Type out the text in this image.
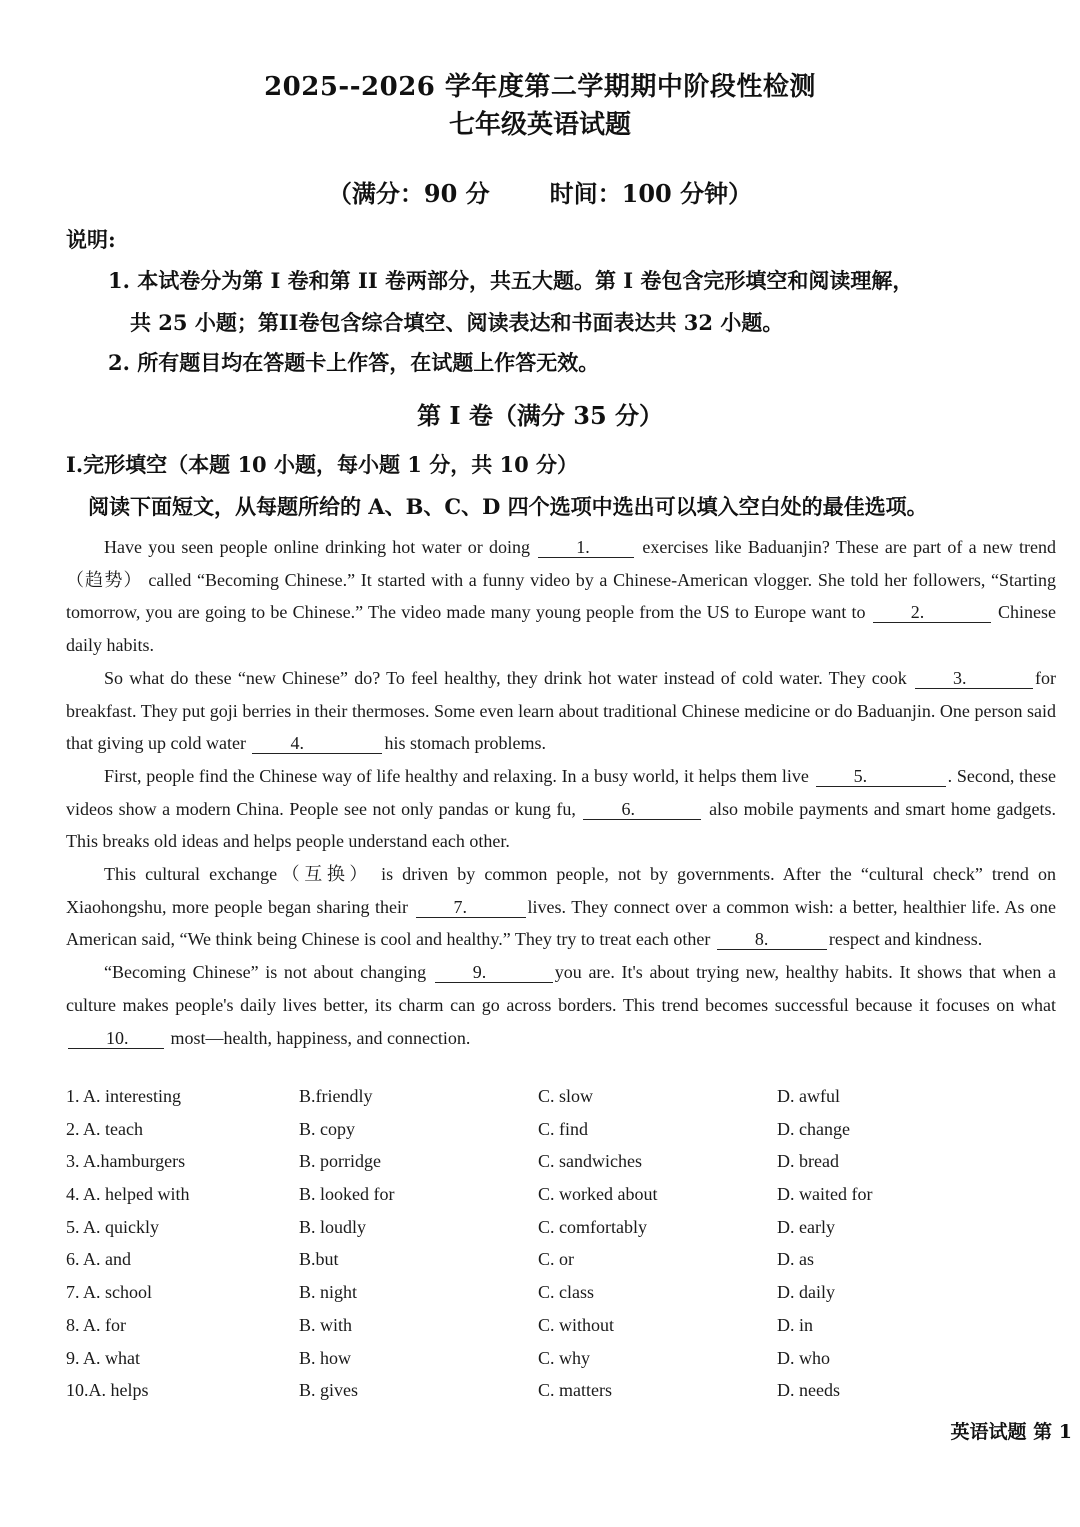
2025--2026 学年度第二学期期中阶段性检测
七年级英语试题
（满分：90 分	时间：100 分钟）
说明:
1. 本试卷分为第 I 卷和第 II 卷两部分，共五大题。第 I 卷包含完形填空和阅读理解，
共 25 小题；第II卷包含综合填空、阅读表达和书面表达共 32 小题。
2. 所有题目均在答题卡上作答，在试题上作答无效。
第 I 卷（满分 35 分）
I.完形填空（本题 10 小题，每小题 1 分，共 10 分）
阅读下面短文，从每题所给的 A、B、C、D 四个选项中选出可以填入空白处的最佳选项。

Have you seen people online drinking hot water or doing 1.	exercises like Baduanjin? These are part of a new trend（趋势） called “Becoming Chinese.” It started with a funny video by a Chinese-American vlogger. She told her followers, “Starting tomorrow, you are going to be Chinese.” The video made many young people from the US to Europe want to 2.	Chinese daily habits.

So what do these “new Chinese” do? To feel healthy, they drink hot water instead of cold water. They cook 3.	for breakfast. They put goji berries in their thermoses. Some even learn about traditional Chinese medicine or do Baduanjin. One person said that giving up cold water 4.	his stomach problems.

First, people find the Chinese way of life healthy and relaxing. In a busy world, it helps them live 5.	. Second, these videos show a modern China. People see not only pandas or kung fu, 6.	also mobile payments and smart home gadgets. This breaks old ideas and helps people understand each other.

This cultural exchange（互换） is driven by common people, not by governments. After the “cultural check” trend on Xiaohongshu, more people began sharing their 7.	lives. They connect over a common wish: a better, healthier life. As one American said, “We think being Chinese is cool and healthy.” They try to treat each other 8.	respect and kindness.

“Becoming Chinese” is not about changing 9.	you are. It's about trying new, healthy habits. It shows that when a culture makes people's daily lives better, its charm can go across borders. This trend becomes successful because it focuses on what 10. most—health, happiness, and connection.

1. A. interesting	B.friendly	C. slow	D. awful
2. A. teach	B. copy	C. find	D. change
3. A.hamburgers	B. porridge	C. sandwiches	D. bread
4. A. helped with	B. looked for	C. worked about	D. waited for
5. A. quickly	B. loudly	C. comfortably	D. early
6. A. and	B.but	C. or	D. as
7. A. school	B. night	C. class	D. daily
8. A. for	B. with	C. without	D. in
9. A. what	B. how	C. why	D. who
10.A. helps	B. gives	C. matters	D. needs
英语试题 第 1
